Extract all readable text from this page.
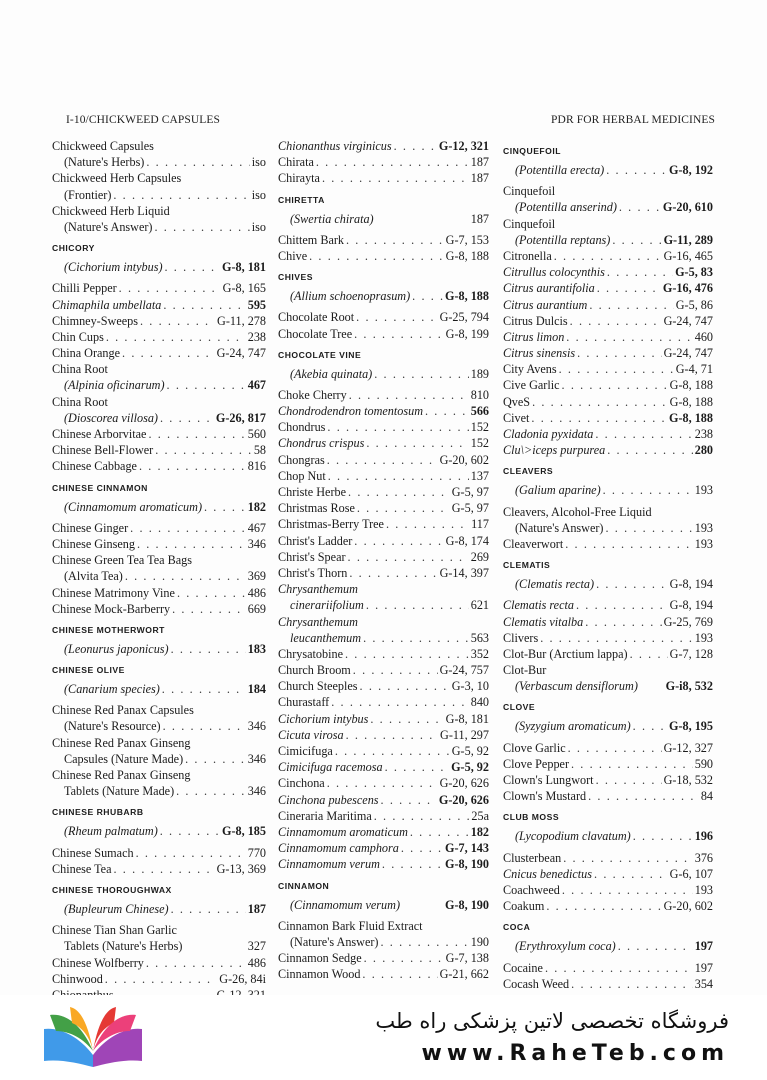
I-10/CHICKWEED CAPSULES	PDR FOR HERBAL MEDICINES
Chickweed Capsules
(Nature's Herbs) . . .	iso
Chickweed Herb Capsules
(Frontier) . . .	iso
Chickweed Herb Liquid
(Nature's Answer) . . .	iso
CHICORY
(Cichorium intybus) . . .	G-8, 181
Chilli Pepper . . .	G-8, 165
Chimaphila umbellata . . .	595
Chimney-Sweeps . . .	G-11, 278
Chin Cups . . .	238
China Orange . . .	G-24, 747
China Root
(Alpinia oficinarum) . . .	467
China Root
(Dioscorea villosa) . . .	G-26, 817
Chinese Arborvitae . . .	560
Chinese Bell-Flower . . .	58
Chinese Cabbage . . .	816
CHINESE CINNAMON
(Cinnamomum aromaticum) . . .	182
Chinese Ginger . . .	467
Chinese Ginseng . . .	346
Chinese Green Tea Tea Bags
(Alvita Tea) . . .	369
Chinese Matrimony Vine . . .	486
Chinese Mock-Barberry . . .	669
CHINESE MOTHERWORT
(Leonurus japonicus) . . .	183
CHINESE OLIVE
(Canarium species) . . .	184
Chinese Red Panax Capsules
(Nature's Resource) . . .	346
Chinese Red Panax Ginseng
Capsules (Nature Made) . . .	346
Chinese Red Panax Ginseng
Tablets (Nature Made) . . .	346
CHINESE RHUBARB
(Rheum palmatum) . . .	G-8, 185
Chinese Sumach . . .	770
Chinese Tea . . .	G-13, 369
CHINESE THOROUGHWAX
(Bupleurum Chinese) . . .	187
Chinese Tian Shan Garlic
Tablets (Nature's Herbs)	327
Chinese Wolfberry . . .	486
Chinwood . . .	G-26, 84i
. . .
Chionanthus virginicus . . .	G-12, 321
Chirata . . .	187
Chirayta . . .	187
CHIRETTA
(Swertia chirata)	187
Chittem Bark . . .	G-7, 153
Chive . . .	G-8, 188
CHIVES
(Allium schoenoprasum) . . .	G-8, 188
Chocolate Root . . .	G-25, 794
Chocolate Tree . . .	G-8, 199
CHOCOLATE VINE
(Akebia quinata) . . .	189
Choke Cherry . . .	810
Chondrodendron tomentosum . . .	566
Chondrus . . .	152
Chondrus crispus . . .	152
Chongras . . .	G-20, 602
Chop Nut . . .	137
Christe Herbe . . .	G-5, 97
Christmas Rose . . .	G-5, 97
Christmas-Berry Tree . . .	117
Christ's Ladder . . .	G-8, 174
Christ's Spear . . .	269
Christ's Thorn . . .	G-14, 397
Chrysanthemum
cinerariifolium . . .	621
Chrysanthemum
leucanthemum . . .	563
Chrysatobine . . .	352
Church Broom . . .	G-24, 757
Church Steeples . . .	G-3, 10
Churastaff . . .	840
Cichorium intybus . . .	G-8, 181
Cicuta virosa . . .	G-11, 297
Cimicifuga . . .	G-5, 92
Cimicifuga racemosa . . .	G-5, 92
Cinchona . . .	G-20, 626
Cinchona pubescens . . .	G-20, 626
Cineraria Maritima . . .	25a
Cinnamomum aromaticum . . .	182
Cinnamomum camphora . . .	G-7, 143
Cinnamomum verum . . .	G-8, 190
CINNAMON
(Cinnamomum verum)	G-8, 190
Cinnamon Bark Fluid Extract
(Nature's Answer) . . .	190
Cinnamon Sedge . . .	G-7, 138
Cinnamon Wood . . .	G-21, 662
CINQUEFOIL
(Potentilla erecta) . . .	G-8, 192
Cinquefoil
(Potentilla anserind) . . .	G-20, 610
Cinquefoil
(Potentilla reptans) . . .	G-11, 289
Citronella . . .	G-16, 465
Citrullus colocynthis . . .	G-5, 83
Citrus aurantifolia . . .	G-16, 476
Citrus aurantium . . .	G-5, 86
Citrus Dulcis . . .	G-24, 747
Citrus limon . . .	460
Citrus sinensis . . .	G-24, 747
City Avens . . .	G-4, 71
Cive Garlic . . .	G-8, 188
QveS . . .	G-8, 188
Civet . . .	G-8, 188
Cladonia pyxidata . . .	238
Clu\>iceps purpurea . . .	280
CLEAVERS
(Galium aparine) . . .	193
Cleavers, Alcohol-Free Liquid
(Nature's Answer) . . .	193
Cleaverwort . . .	193
CLEMATIS
(Clematis recta) . . .	G-8, 194
Clematis recta . . .	G-8, 194
Clematis vitalba . . .	G-25, 769
Clivers . . .	193
Clot-Bur (Arctium lappa) . . .	G-7, 128
Clot-Bur
(Verbascum densiflorum) G-i8, 532
CLOVE
(Syzygium aromaticum) . . .	G-8, 195
Clove Garlic . . .	G-12, 327
Clove Pepper . . .	590
Clown's Lungwort . . .	G-18, 532
Clown's Mustard . . .	84
CLUB MOSS
(Lycopodium clavatum) . . .	196
Clusterbean . . .	376
Cnicus benedictus . . .	G-6, 107
Coachweed . . .	193
Coakum . . .	G-20, 602
COCA
(Erythroxylum coca) . . .	197
Cocaine . . .	197
Cocash Weed . . .	354
. . .
فروشگاه تخصصی لاتین پزشکی راه طب
www.RaheTeb.com
